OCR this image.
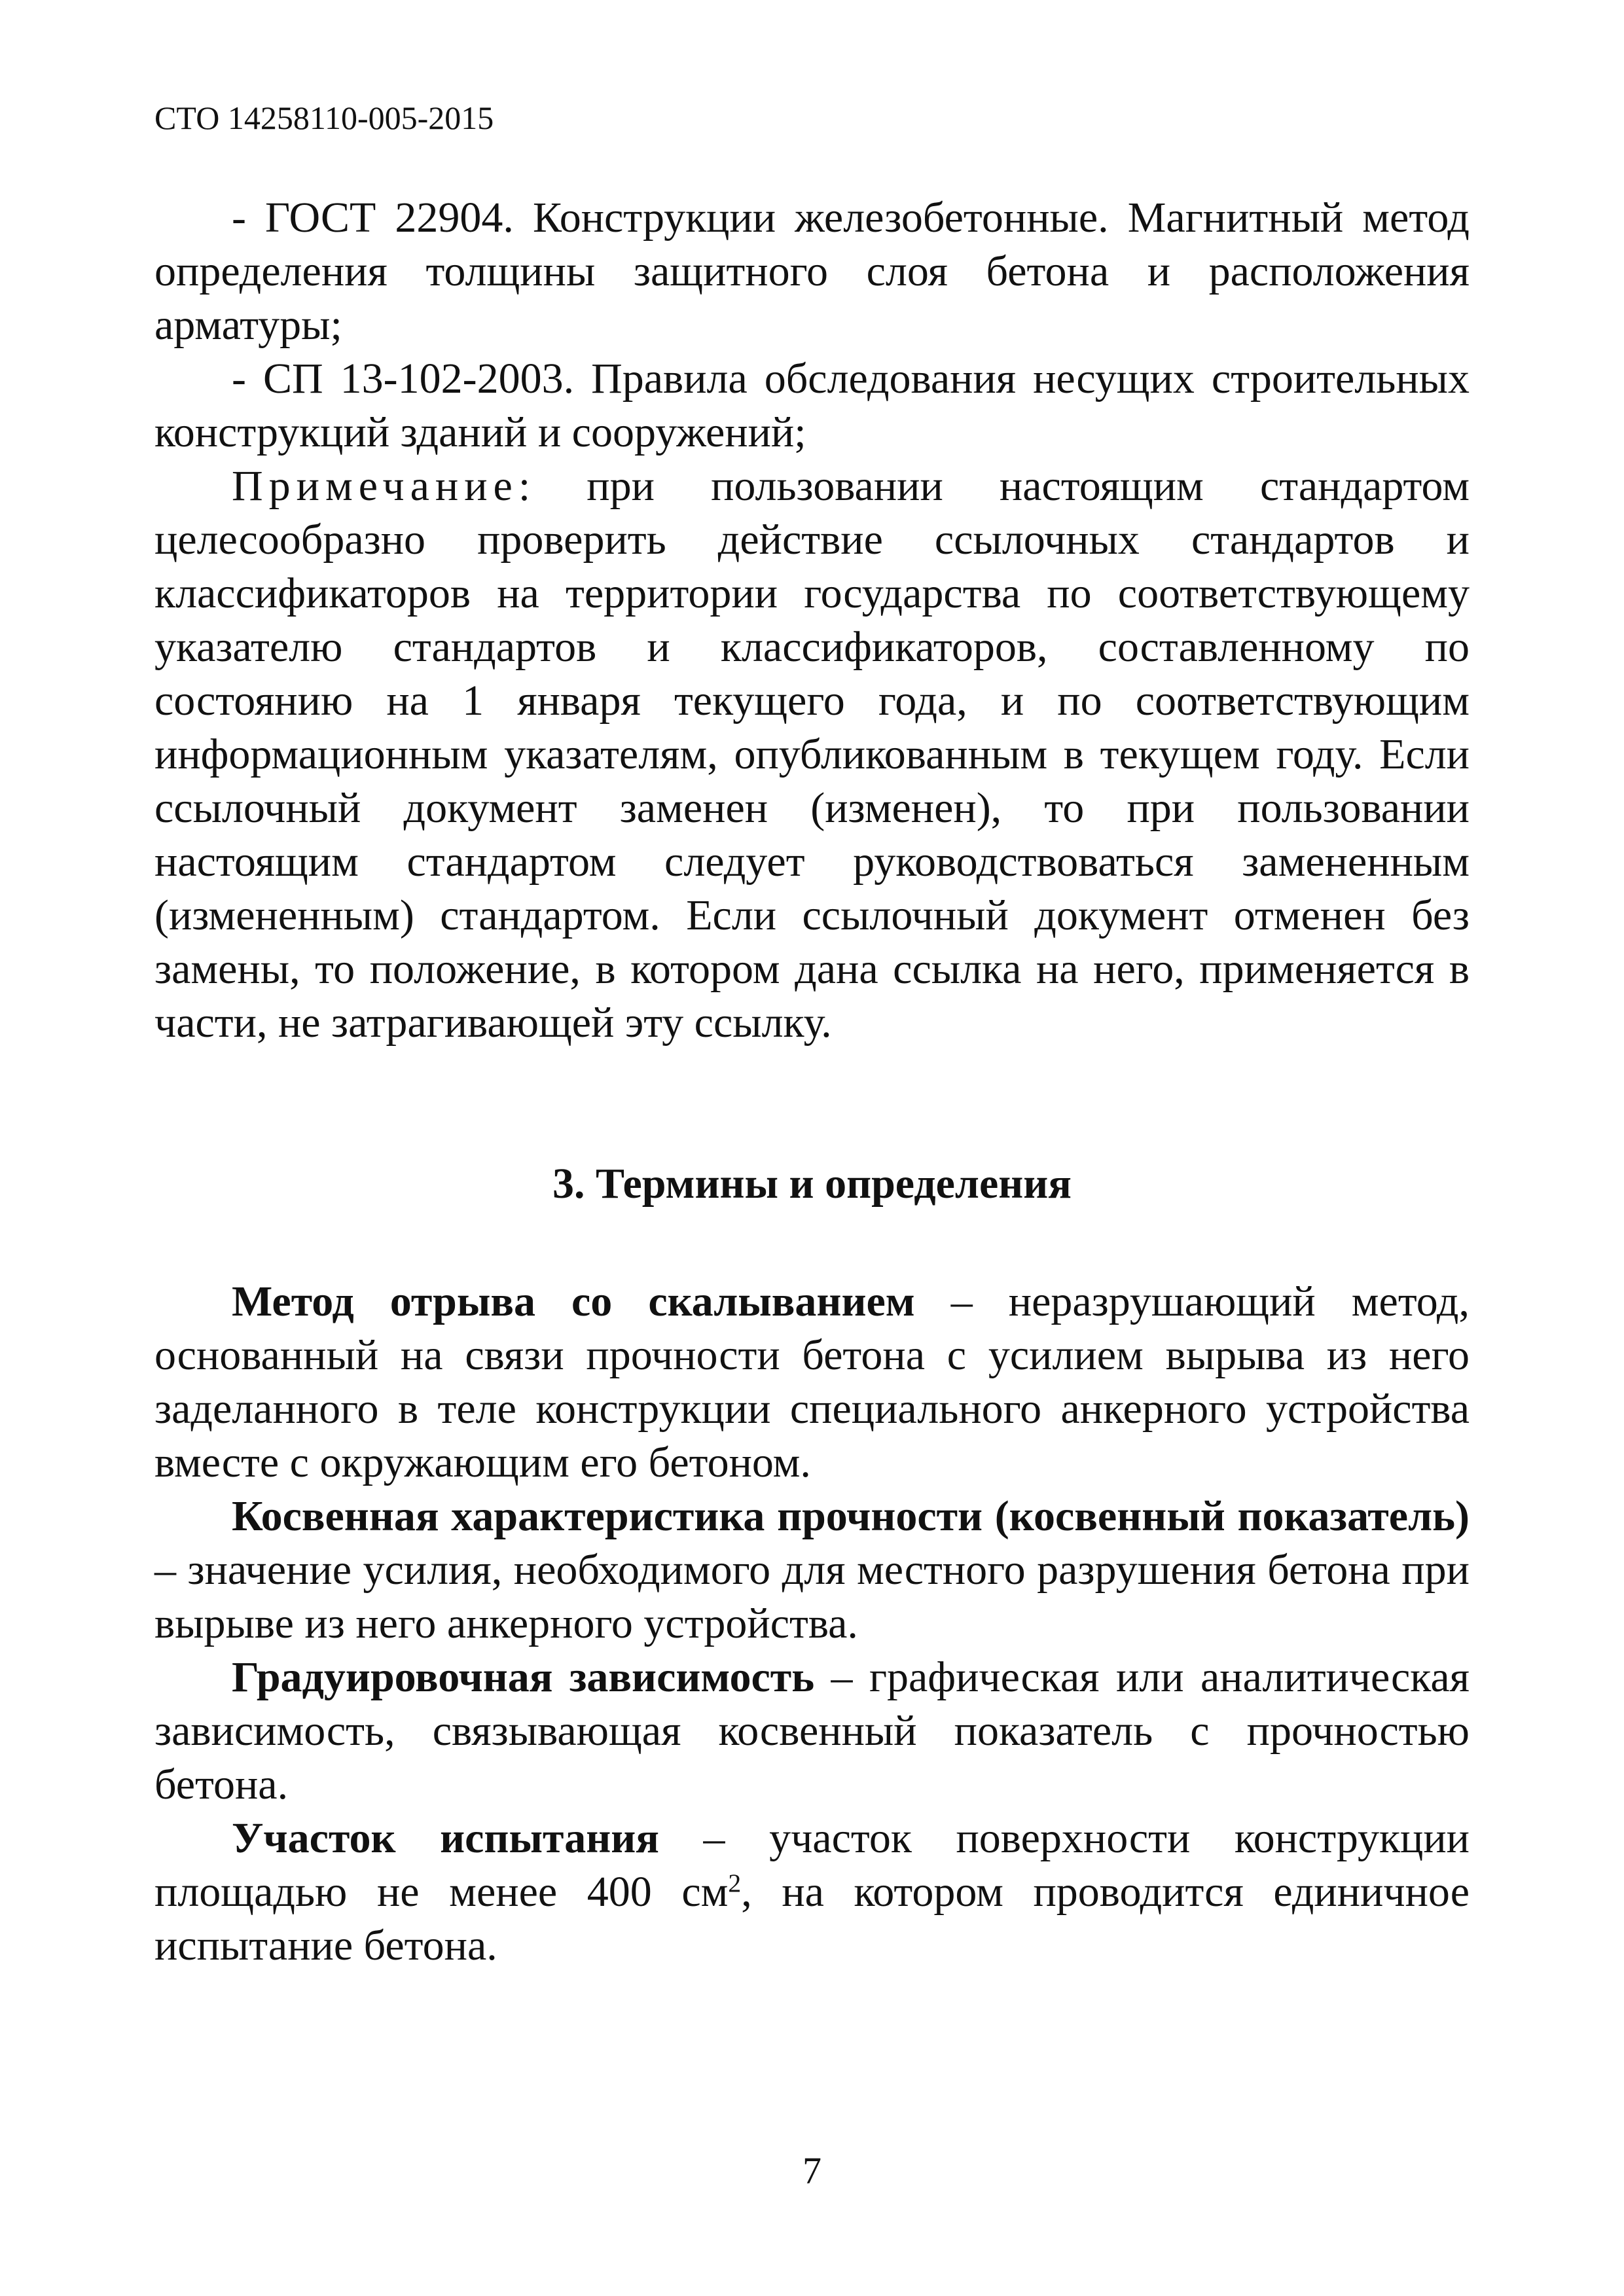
СТО 14258110-005-2015

- ГОСТ 22904. Конструкции железобетонные. Магнитный метод определения толщины защитного слоя бетона и расположения арматуры;

- СП 13-102-2003. Правила обследования несущих строительных конструкций зданий и сооружений;

Примечание: при пользовании настоящим стандартом целесообразно проверить действие ссылочных стандартов и классификаторов на территории государства по соответствующему указателю стандартов и классификаторов, составленному по состоянию на 1 января текущего года, и по соответствующим информационным указателям, опубликованным в текущем году. Если ссылочный документ заменен (изменен), то при пользовании настоящим стандартом следует руководствоваться замененным (измененным) стандартом. Если ссылочный документ отменен без замены, то положение, в котором дана ссылка на него, применяется в части, не затрагивающей эту ссылку.

3. Термины и определения

Метод отрыва со скалыванием – неразрушающий метод, основанный на связи прочности бетона с усилием вырыва из него заделанного в теле конструкции специального анкерного устройства вместе с окружающим его бетоном.

Косвенная характеристика прочности (косвенный показатель) – значение усилия, необходимого для местного разрушения бетона при вырыве из него анкерного устройства.

Градуировочная зависимость – графическая или аналитическая зависимость, связывающая косвенный показатель с прочностью бетона.

Участок испытания – участок поверхности конструкции площадью не менее 400 $см^2$, на котором проводится единичное испытание бетона.

7
